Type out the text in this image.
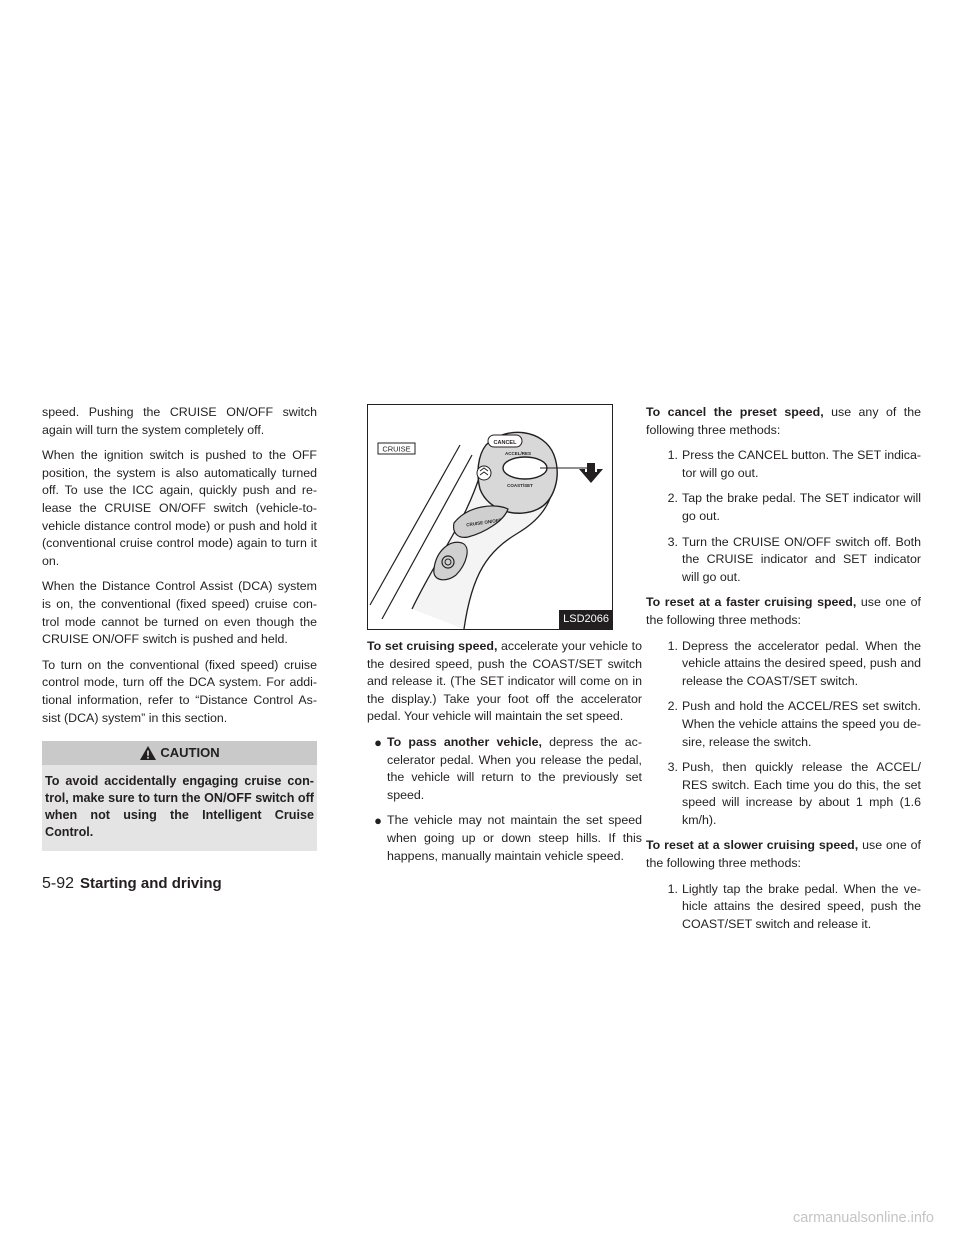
speed. Pushing the CRUISE ON/OFF switch again will turn the system completely off.

When the ignition switch is pushed to the OFF position, the system is also automatically turned off. To use the ICC again, quickly push and re-lease the CRUISE ON/OFF switch (vehicle-to-vehicle distance control mode) or push and hold it (conventional cruise control mode) again to turn it on.

When the Distance Control Assist (DCA) system is on, the conventional (fixed speed) cruise con-trol mode cannot be turned on even though the CRUISE ON/OFF switch is pushed and held.

To turn on the conventional (fixed speed) cruise control mode, turn off the DCA system. For addi-tional information, refer to “Distance Control As-sist (DCA) system” in this section.

CAUTION
To avoid accidentally engaging cruise con-trol, make sure to turn the ON/OFF switch off when not using the Intelligent Cruise Control.
CRUISE
CANCEL
ACCEL/RES
COAST/SET
CRUISE ON/OFF
LSD2066

To set cruising speed, accelerate your vehicle to the desired speed, push the COAST/SET switch and release it. (The SET indicator will come on in the display.) Take your foot off the accelerator pedal. Your vehicle will maintain the set speed.

● To pass another vehicle, depress the ac-celerator pedal. When you release the pedal, the vehicle will return to the previously set speed.
● The vehicle may not maintain the set speed when going up or down steep hills. If this happens, manually maintain vehicle speed.

To cancel the preset speed, use any of the following three methods:

1. Press the CANCEL button. The SET indica-tor will go out.
2. Tap the brake pedal. The SET indicator will go out.
3. Turn the CRUISE ON/OFF switch off. Both the CRUISE indicator and SET indicator will go out.

To reset at a faster cruising speed, use one of the following three methods:

1. Depress the accelerator pedal. When the vehicle attains the desired speed, push and release the COAST/SET switch.
2. Push and hold the ACCEL/RES set switch. When the vehicle attains the speed you de-sire, release the switch.
3. Push, then quickly release the ACCEL/ RES switch. Each time you do this, the set speed will increase by about 1 mph (1.6 km/h).

To reset at a slower cruising speed, use one of the following three methods:

1. Lightly tap the brake pedal. When the ve-hicle attains the desired speed, push the COAST/SET switch and release it.
5-92 Starting and driving
carmanualsonline.info
